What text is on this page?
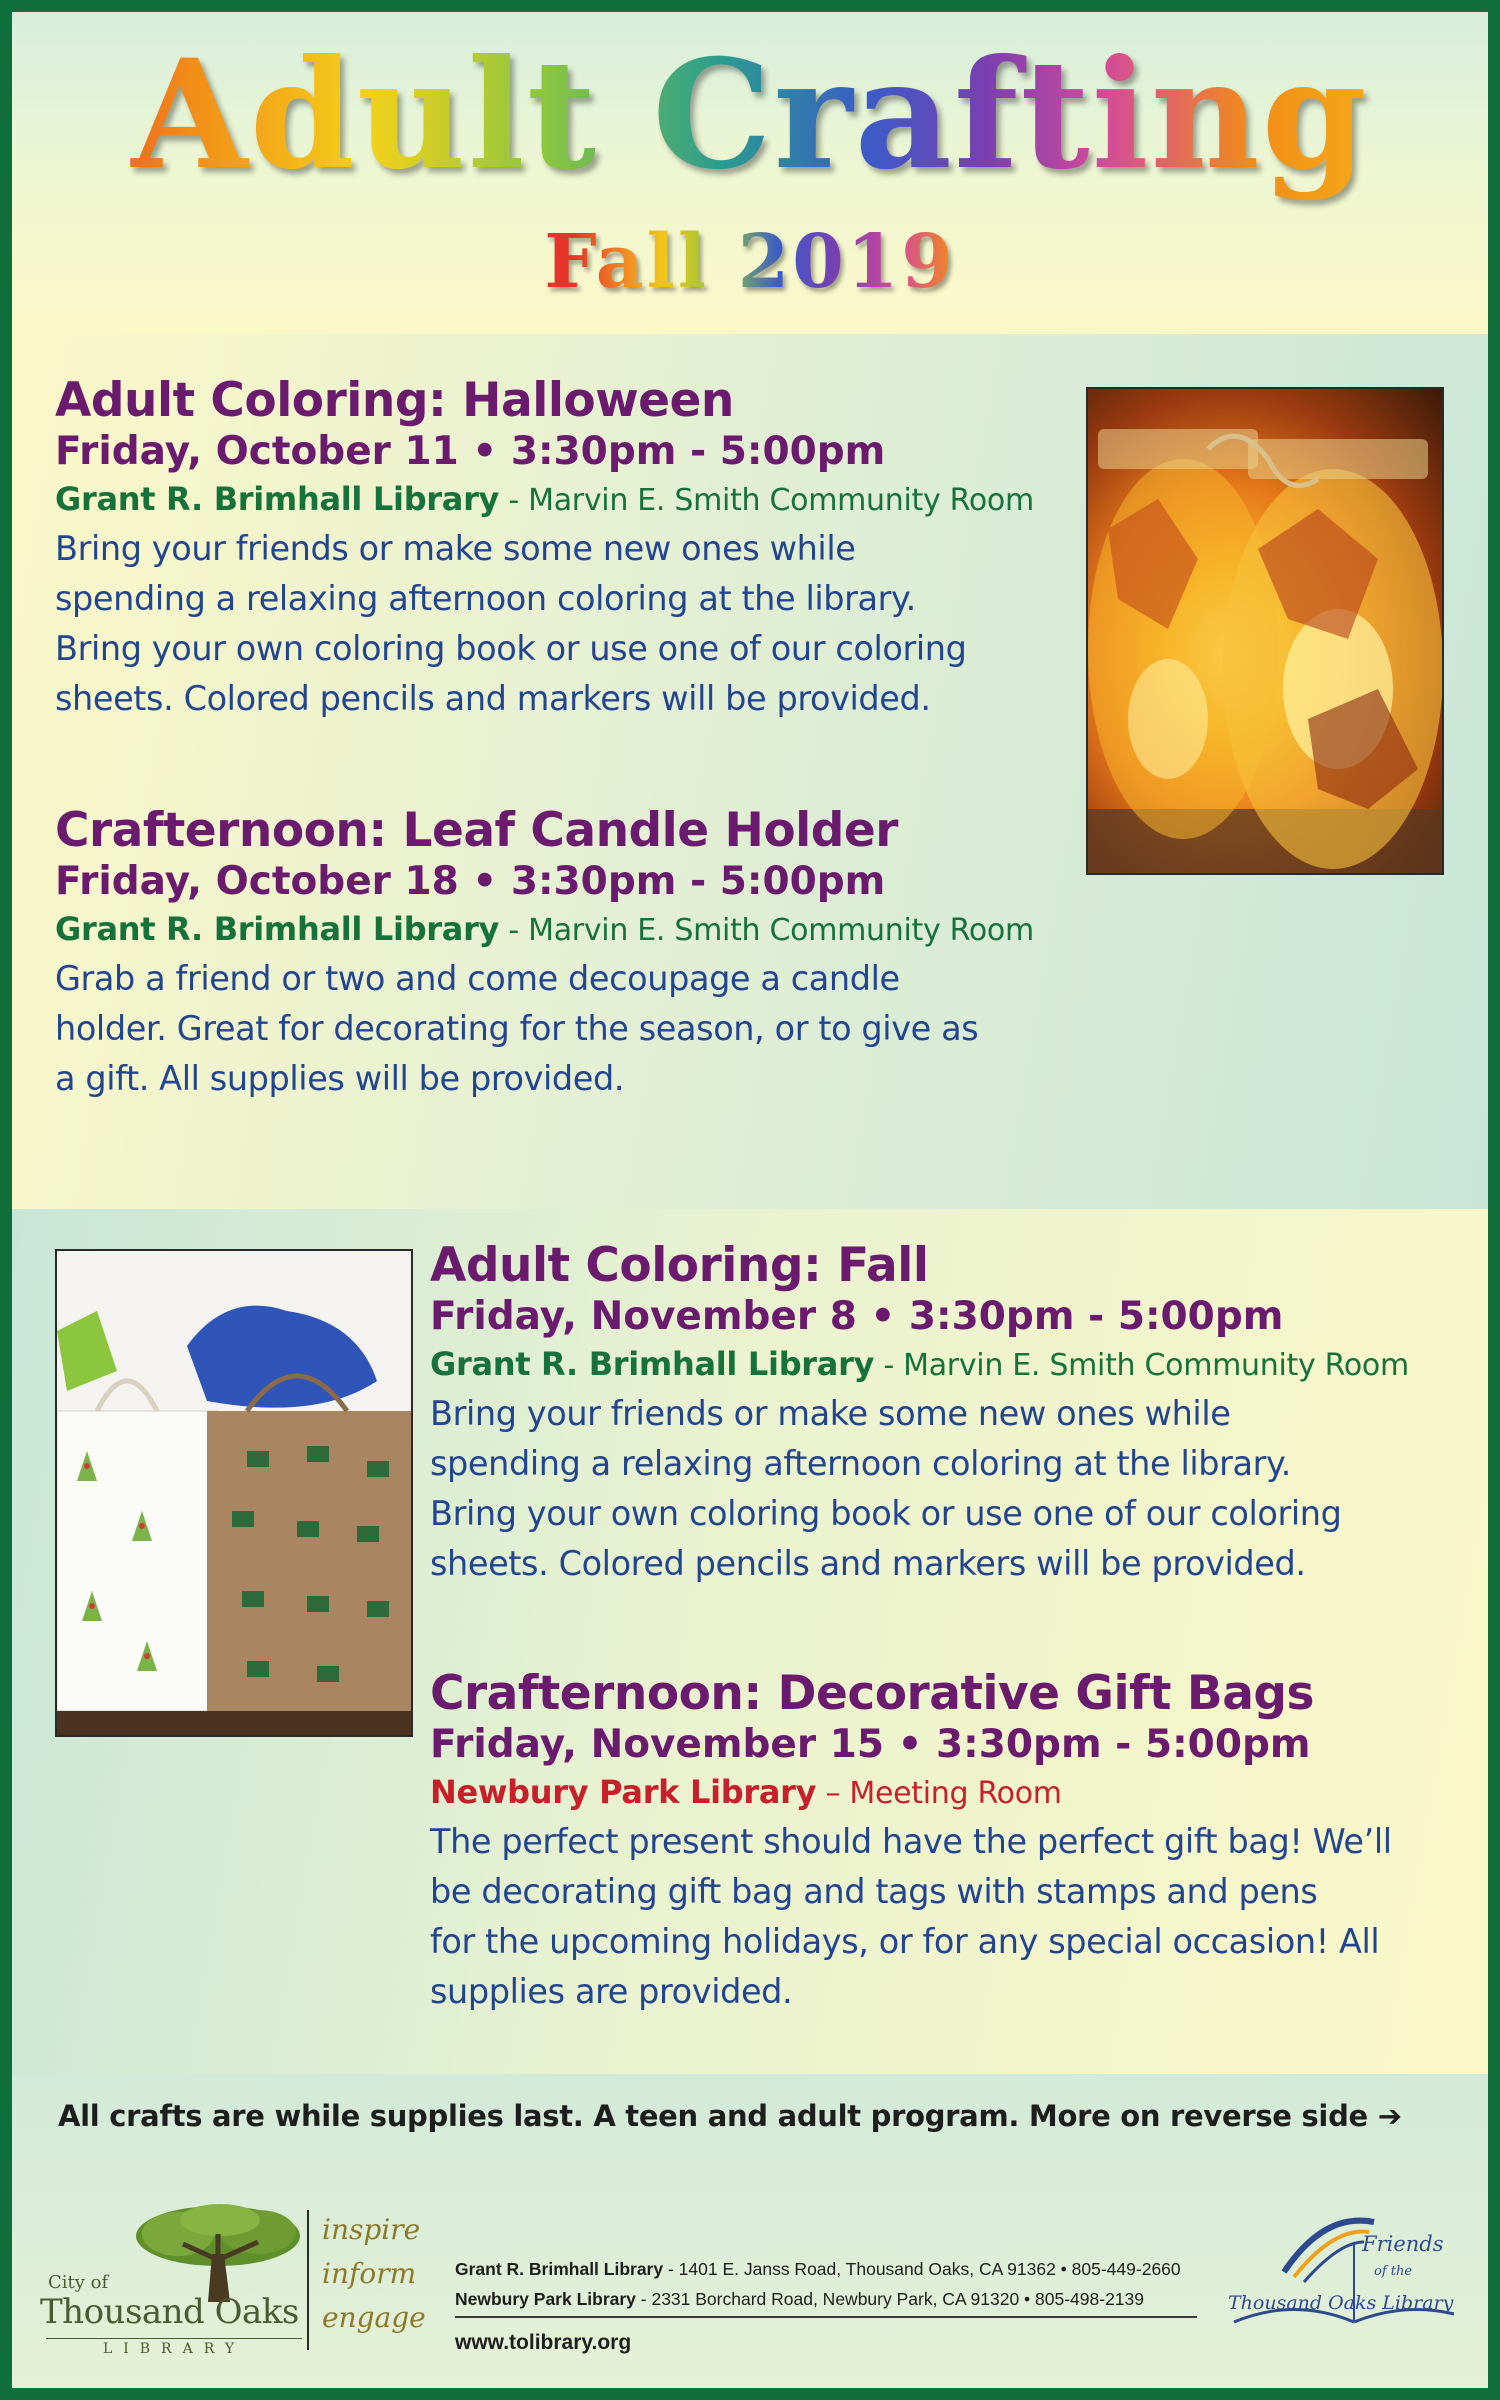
Adult Crafting
Fall 2019
Adult Coloring: Halloween
Friday, October 11 • 3:30pm - 5:00pm
Grant R. Brimhall Library - Marvin E. Smith Community Room
Bring your friends or make some new ones while
spending a relaxing afternoon coloring at the library.
Bring your own coloring book or use one of our coloring
sheets. Colored pencils and markers will be provided.
Crafternoon: Leaf Candle Holder
Friday, October 18 • 3:30pm - 5:00pm
Grant R. Brimhall Library - Marvin E. Smith Community Room
Grab a friend or two and come decoupage a candle
holder. Great for decorating for the season, or to give as
a gift. All supplies will be provided.
Adult Coloring: Fall
Friday, November 8 • 3:30pm - 5:00pm
Grant R. Brimhall Library - Marvin E. Smith Community Room
Bring your friends or make some new ones while
spending a relaxing afternoon coloring at the library.
Bring your own coloring book or use one of our coloring
sheets. Colored pencils and markers will be provided.
Crafternoon: Decorative Gift Bags
Friday, November 15 • 3:30pm - 5:00pm
Newbury Park Library – Meeting Room
The perfect present should have the perfect gift bag! We’ll
be decorating gift bag and tags with stamps and pens
for the upcoming holidays, or for any special occasion! All
supplies are provided.
All crafts are while supplies last. A teen and adult program. More on reverse side ➔
City of
Thousand Oaks
LIBRARY
inspire
inform
engage
Grant R. Brimhall Library - 1401 E. Janss Road, Thousand Oaks, CA 91362 • 805-449-2660
Newbury Park Library - 2331 Borchard Road, Newbury Park, CA 91320 • 805-498-2139
www.tolibrary.org
Friends
of the
Thousand Oaks Library
